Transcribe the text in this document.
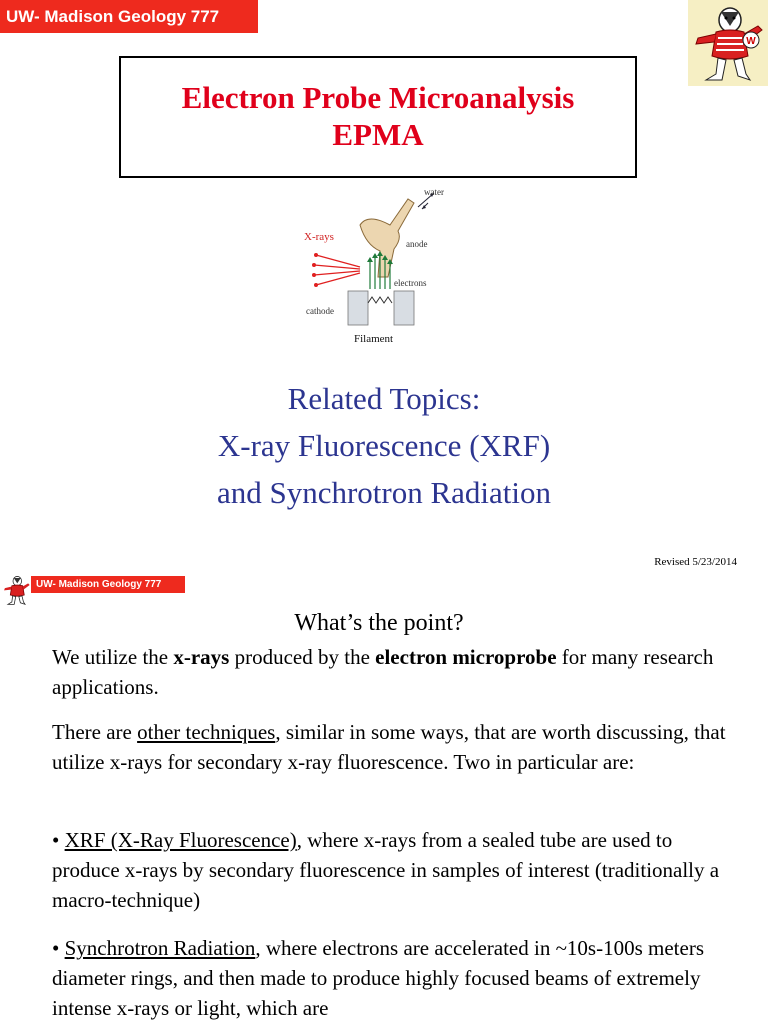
UW- Madison Geology 777
W
Electron Probe Microanalysis
EPMA
water
X-rays
anode
electrons
cathode
Filament
Related Topics:
X-ray Fluorescence (XRF)
and Synchrotron Radiation
Revised 5/23/2014
UW- Madison Geology 777
What’s the point?
We utilize the x-rays produced by the electron microprobe for many research applications.
There are other techniques, similar in some ways, that are worth discussing, that utilize x-rays for secondary x-ray fluorescence. Two in particular are:
• XRF (X-Ray Fluorescence), where x-rays from a sealed tube are used to produce x-rays by secondary fluorescence in samples of interest (traditionally a macro-technique)
• Synchrotron Radiation, where electrons are accelerated in ~10s-100s meters diameter rings, and then made to produce highly focused beams of extremely intense x-rays or light, which are
